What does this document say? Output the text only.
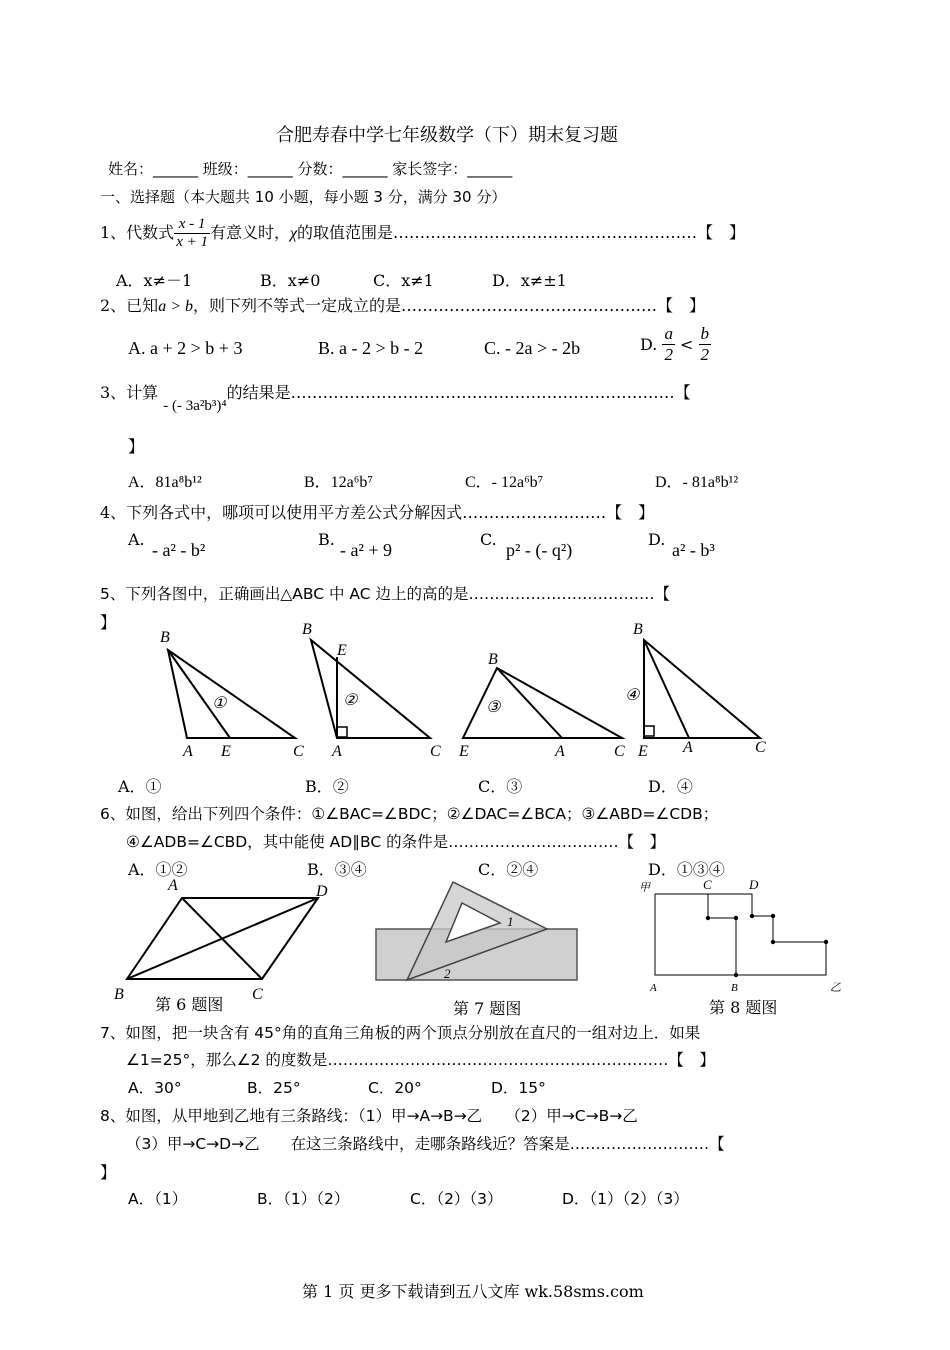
合肥寿春中学七年级数学（下）期末复习题
姓名：______ 班级：______ 分数：______ 家长签字：______
一、选择题（本大题共 10 小题，每小题 3 分，满分 30 分）
1、代数式 $\frac{x - 1}{x + 1}$ 有意义时，χ的取值范围是…………………………………………………【　】
A．x≠－1	B．x≠0	C．x≠1	D．x≠±1
2、已知a > b，则下列不等式一定成立的是…………………………………………【　】
A. a + 2 > b + 3	B. a - 2 > b - 2	C. - 2a > - 2b	D. $\frac{a}{2} < \frac{b}{2}$
3、计算 - (- 3a²b³)⁴的结果是………………………………………………………………【
】
A．81a⁸b¹²	B．12a⁶b⁷	C．- 12a⁶b⁷	D．- 81a⁸b¹²
4、下列各式中，哪项可以使用平方差公式分解因式………………………【　】
A.
- a² - b²
B.
- a² + 9
C.
p² - (- q²)
D.
a² - b³
5、下列各图中，正确画出△ABC 中 AC 边上的高的是………………………………【
】
B
A E	C
①
B
E
A	C
②
B
E	A	C
③
B
E A	C
④
A．①	B．②	C．③	D．④
6、如图，给出下列四个条件：①∠BAC=∠BDC；②∠DAC=∠BCA；③∠ABD=∠CDB；
④∠ADB=∠CBD，其中能使 AD∥BC 的条件是……………………………【　】
A．①②	B．③④	C．②④	D．①③④
A	D
B	C
1
2
甲	C	D
A	B	乙
第 6 题图	第 7 题图	第 8 题图
7、如图，把一块含有 45°角的直角三角板的两个顶点分别放在直尺的一组对边上．如果
∠1=25°，那么∠2 的度数是…………………………………………………………【　】
A．30°	B．25°	C．20°	D．15°
8、如图，从甲地到乙地有三条路线：（1）甲→A→B→乙　　（2）甲→C→B→乙
（3）甲→C→D→乙　　在这三条路线中，走哪条路线近？答案是………………………【
】
A．（1）	B．（1）（2）	C．（2）（3）	D．（1）（2）（3）
第 1 页 更多下载请到五八文库 wk.58sms.com
